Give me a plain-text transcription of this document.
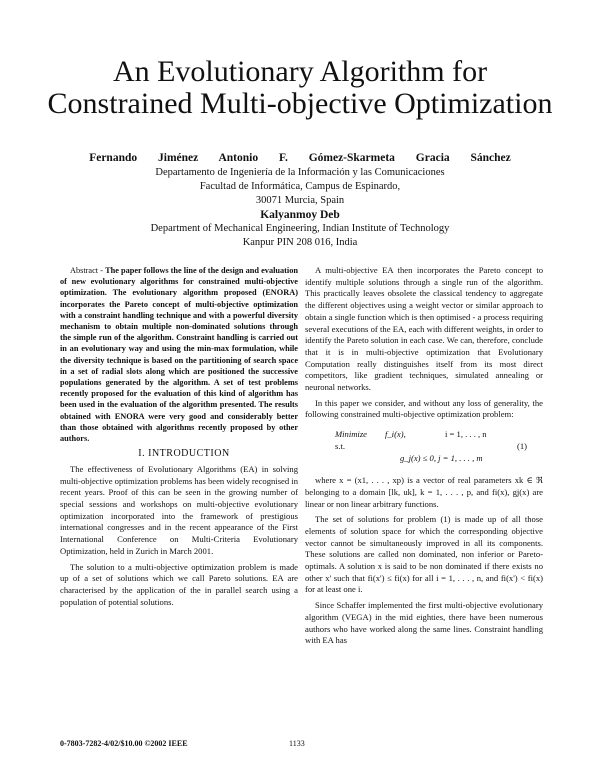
An Evolutionary Algorithm for Constrained Multi-objective Optimization
Fernando Jiménez Antonio F. Gómez-Skarmeta Gracia Sánchez

Departamento de Ingeniería de la Información y las Comunicaciones

Facultad de Informática, Campus de Espinardo,

30071 Murcia, Spain

Kalyanmoy Deb

Department of Mechanical Engineering, Indian Institute of Technology

Kanpur PIN 208 016, India

Abstract - The paper follows the line of the design and evaluation of new evolutionary algorithms for constrained multi-objective optimization. The evolutionary algorithm proposed (ENORA) incorporates the Pareto concept of multi-objective optimization with a constraint handling technique and with a powerful diversity mechanism to obtain multiple non-dominated solutions through the simple run of the algorithm. Constraint handling is carried out in an evolutionary way and using the min-max formulation, while the diversity technique is based on the partitioning of search space in a set of radial slots along which are positioned the successive populations generated by the algorithm. A set of test problems recently proposed for the evaluation of this kind of algorithm has been used in the evaluation of the algorithm presented. The results obtained with ENORA were very good and considerably better than those obtained with algorithms recently proposed by other authors.

I. INTRODUCTION

The effectiveness of Evolutionary Algorithms (EA) in solving multi-objective optimization problems has been widely recognised in recent years. Proof of this can be seen in the growing number of special sessions and workshops on multi-objective evolutionary optimization incorporated into the framework of prestigious international congresses and in the recent appearance of the First International Conference on Multi-Criteria Evolutionary Optimization, held in Zurich in March 2001.

The solution to a multi-objective optimization problem is made up of a set of solutions which we call Pareto solutions. EA are characterised by the application of the in parallel search using a population of potential solutions.

A multi-objective EA then incorporates the Pareto concept to identify multiple solutions through a single run of the algorithm. This practically leaves obsolete the classical tendency to aggregate the different objectives using a weight vector or similar approach to obtain a single function which is then optimised - a process requiring several executions of the EA, each with different weights, in order to identify the Pareto solution in each case. We can, therefore, conclude that it is in multi-objective optimization that Evolutionary Computation really distinguishes itself from its most direct competitors, like gradient techniques, simulated annealing or neuronal networks.

In this paper we consider, and without any loss of generality, the following constrained multi-objective optimization problem:

Minimize f_i(x),	i = 1, . . . , n
s.t.	(1)
g_j(x) ≤ 0, j = 1, . . . , m

where x = (x1, . . . , xp) is a vector of real parameters xk ∈ ℜ belonging to a domain [lk, uk], k = 1, . . . , p, and fi(x), gj(x) are linear or non linear arbitrary functions.

The set of solutions for problem (1) is made up of all those elements of solution space for which the corresponding objective vector cannot be simultaneously improved in all its components. These solutions are called non dominated, non inferior or Pareto-optimals. A solution x is said to be non dominated if there exists no other x' such that fi(x') ≤ fi(x) for all i = 1, . . . , n, and fi(x') < fi(x) for at least one i.

Since Schaffer implemented the first multi-objective evolutionary algorithm (VEGA) in the mid eighties, there have been numerous authors who have worked along the same lines. Constraint handling with EA has

0-7803-7282-4/02/$10.00 ©2002 IEEE	1133
